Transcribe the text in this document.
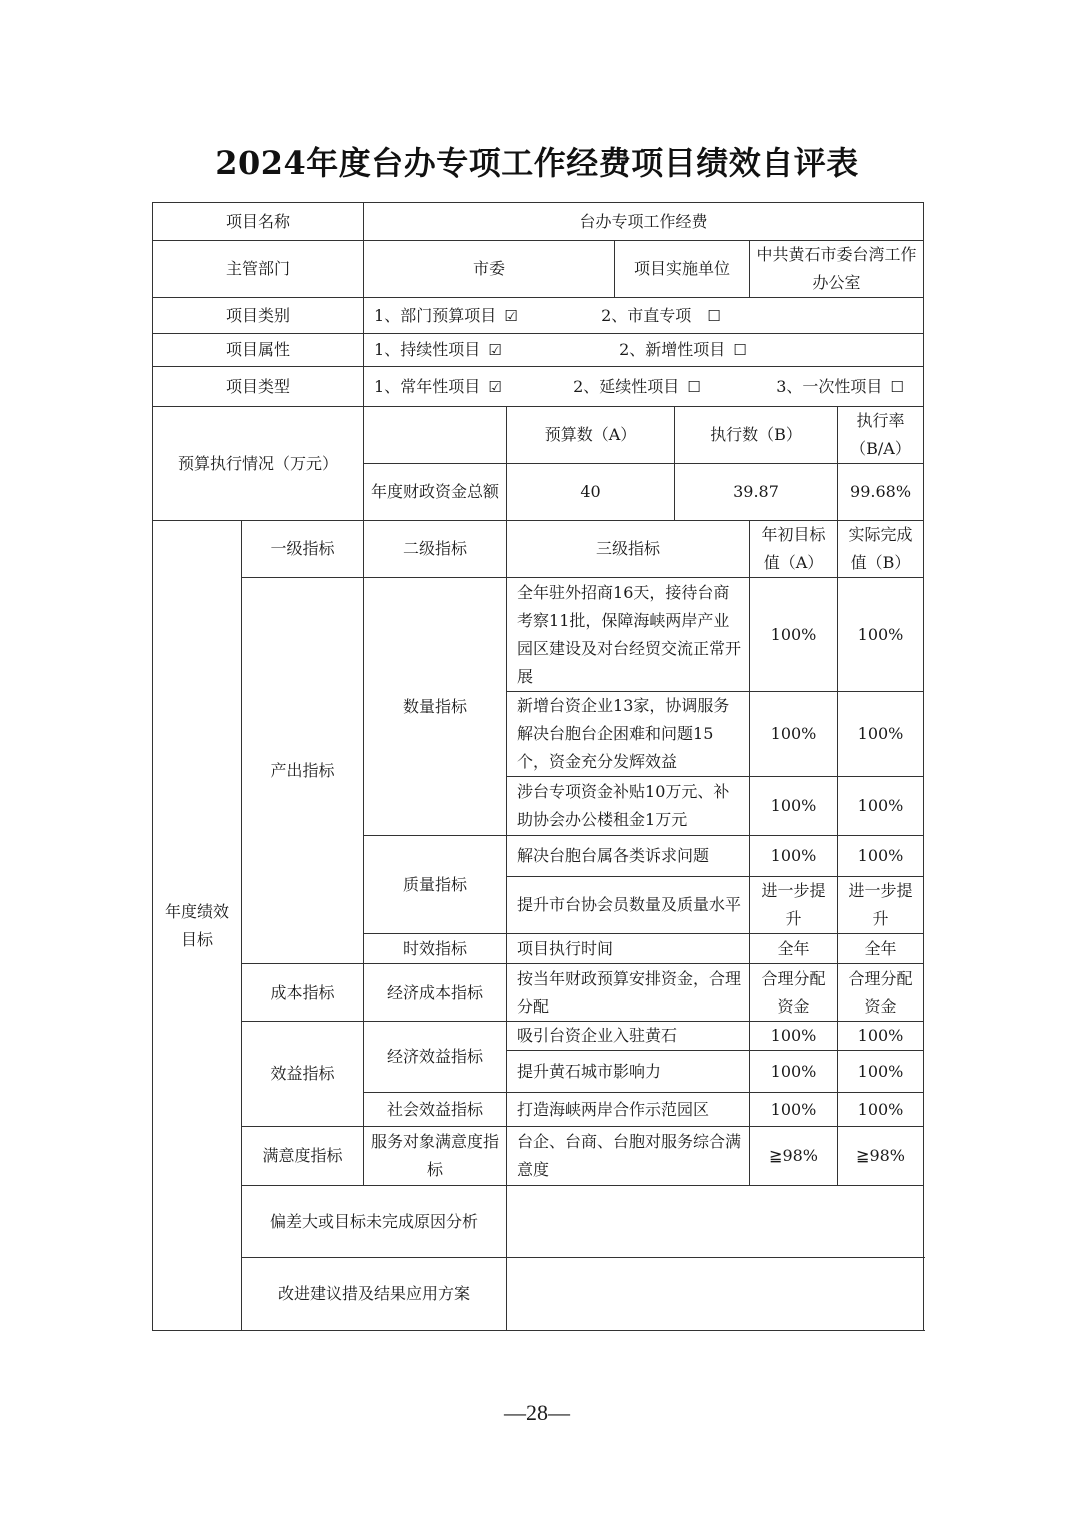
2024年度台办专项工作经费项目绩效自评表
项目名称		台办专项工作经费					
主管部门		市委		项目实施单位		中共黄石市委台湾工作办公室	
项目类别		1、部门预算项目 ☑ 2、市直专项 ☐					
项目属性		1、持续性项目 ☑ 2、新增性项目 ☐					
项目类型		1、常年性项目 ☑ 2、延续性项目 ☐ 3、一次性项目 ☐					
预算执行情况（万元）			预算数（A）		执行数（B）		执行率（B/A）
		年度财政资金总额	40		39.87		99.68%
年度绩效目标	一级指标	二级指标	三级指标			年初目标值（A）	实际完成值（B）
	产出指标	数量指标	全年驻外招商16天，接待台商考察11批，保障海峡两岸产业园区建设及对台经贸交流正常开展			100%	100%
			新增台资企业13家，协调服务解决台胞台企困难和问题15个，资金充分发辉效益			100%	100%
			涉台专项资金补贴10万元、补助协会办公楼租金1万元			100%	100%
		质量指标	解决台胞台属各类诉求问题			100%	100%
			提升市台协会员数量及质量水平			进一步提升	进一步提升
		时效指标	项目执行时间			全年	全年
	成本指标	经济成本指标	按当年财政预算安排资金，合理分配			合理分配资金	合理分配资金
	效益指标	经济效益指标	吸引台资企业入驻黄石			100%	100%
			提升黄石城市影响力			100%	100%
		社会效益指标	打造海峡两岸合作示范园区			100%	100%
	满意度指标	服务对象满意度指标	台企、台商、台胞对服务综合满意度			≧98%	≧98%
	偏差大或目标未完成原因分析						
	改进建议措及结果应用方案						
—28—
